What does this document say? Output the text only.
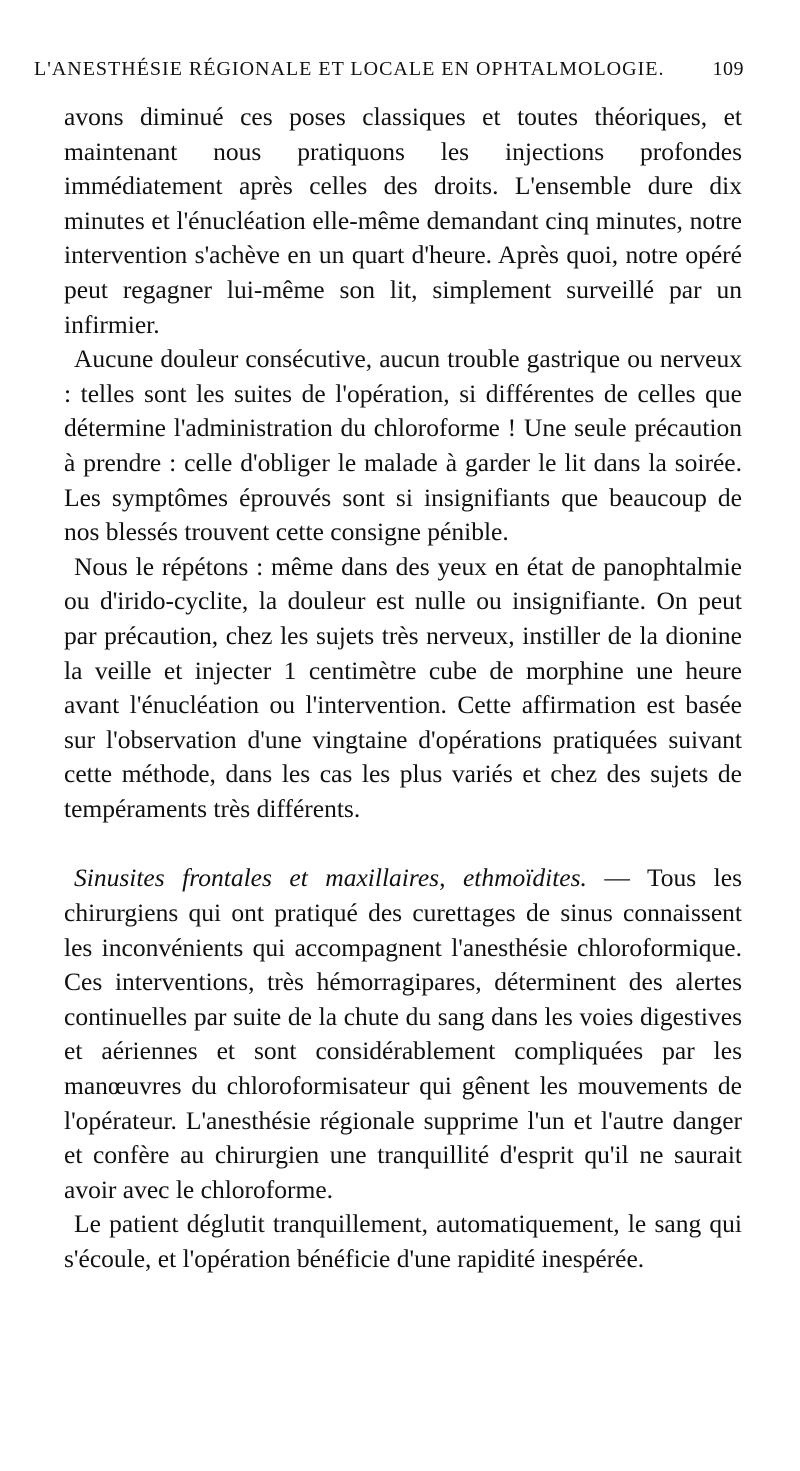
L'ANESTHÉSIE RÉGIONALE ET LOCALE EN OPHTALMOLOGIE. 109

avons diminué ces poses classiques et toutes théoriques, et maintenant nous pratiquons les injections profondes immédiatement après celles des droits. L'ensemble dure dix minutes et l'énucléation elle-même demandant cinq minutes, notre intervention s'achève en un quart d'heure. Après quoi, notre opéré peut regagner lui-même son lit, simplement surveillé par un infirmier.

Aucune douleur consécutive, aucun trouble gastrique ou nerveux : telles sont les suites de l'opération, si différentes de celles que détermine l'administration du chloroforme ! Une seule précaution à prendre : celle d'obliger le malade à garder le lit dans la soirée. Les symptômes éprouvés sont si insignifiants que beaucoup de nos blessés trouvent cette consigne pénible.

Nous le répétons : même dans des yeux en état de panophtalmie ou d'irido-cyclite, la douleur est nulle ou insignifiante. On peut par précaution, chez les sujets très nerveux, instiller de la dionine la veille et injecter 1 centimètre cube de morphine une heure avant l'énucléation ou l'intervention. Cette affirmation est basée sur l'observation d'une vingtaine d'opérations pratiquées suivant cette méthode, dans les cas les plus variés et chez des sujets de tempéraments très différents.

Sinusites frontales et maxillaires, ethmoïdites. — Tous les chirurgiens qui ont pratiqué des curettages de sinus connaissent les inconvénients qui accompagnent l'anesthésie chloroformique. Ces interventions, très hémorragipares, déterminent des alertes continuelles par suite de la chute du sang dans les voies digestives et aériennes et sont considérablement compliquées par les manœuvres du chloroformisateur qui gênent les mouvements de l'opérateur. L'anesthésie régionale supprime l'un et l'autre danger et confère au chirurgien une tranquillité d'esprit qu'il ne saurait avoir avec le chloroforme.

Le patient déglutit tranquillement, automatiquement, le sang qui s'écoule, et l'opération bénéficie d'une rapidité inespérée.
